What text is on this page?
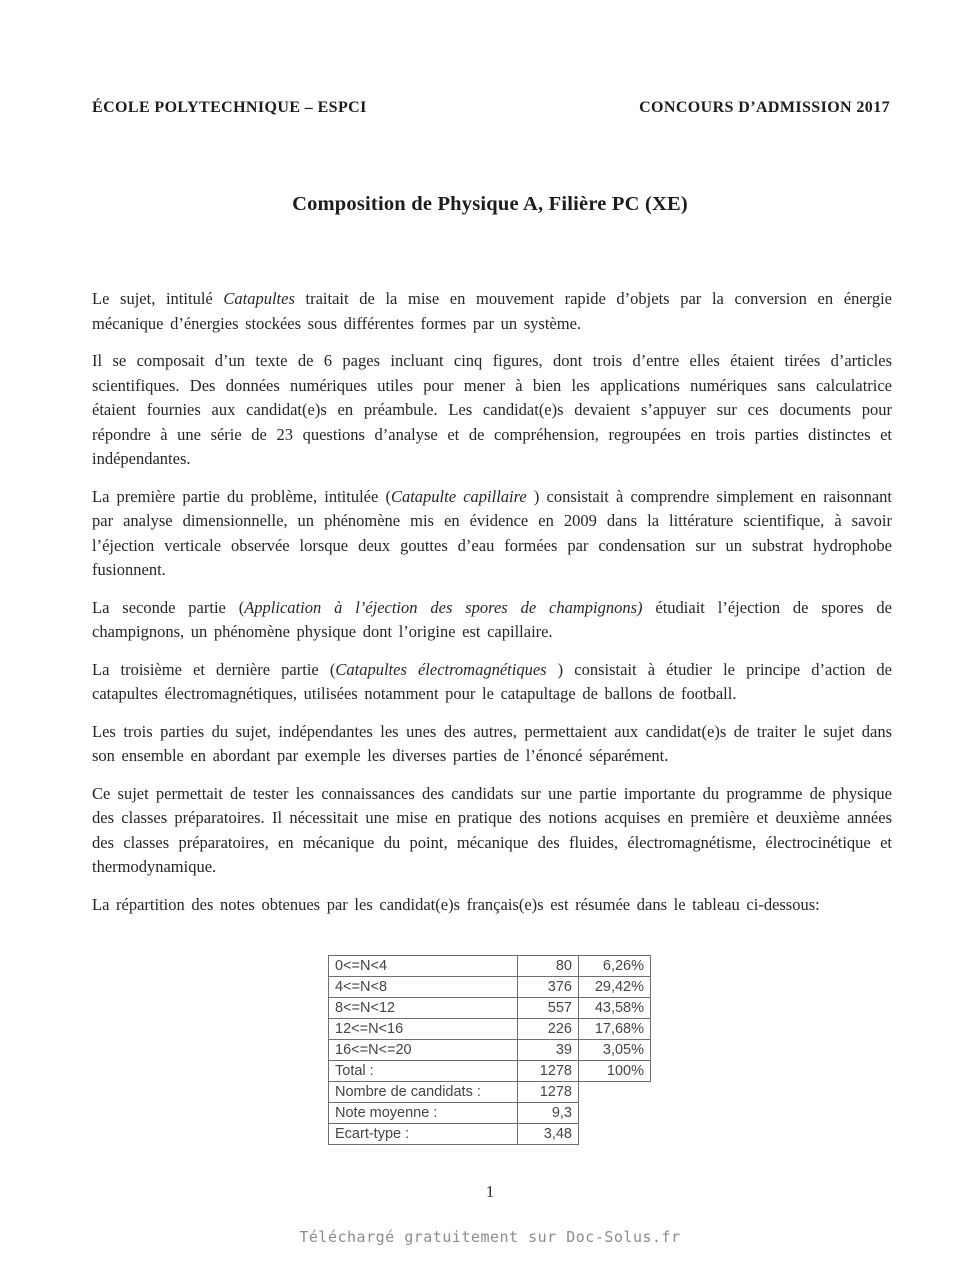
ÉCOLE POLYTECHNIQUE – ESPCI	CONCOURS D’ADMISSION 2017
Composition de Physique A, Filière PC (XE)

Le sujet, intitulé Catapultes traitait de la mise en mouvement rapide d’objets par la conversion en énergie mécanique d’énergies stockées sous différentes formes par un système.

Il se composait d’un texte de 6 pages incluant cinq figures, dont trois d’entre elles étaient tirées d’articles scientifiques. Des données numériques utiles pour mener à bien les applications numériques sans calculatrice étaient fournies aux candidat(e)s en préambule. Les candidat(e)s devaient s’appuyer sur ces documents pour répondre à une série de 23 questions d’analyse et de compréhension, regroupées en trois parties distinctes et indépendantes.

La première partie du problème, intitulée (Catapulte capillaire ) consistait à comprendre simplement en raisonnant par analyse dimensionnelle, un phénomène mis en évidence en 2009 dans la littérature scientifique, à savoir l’éjection verticale observée lorsque deux gouttes d’eau formées par condensation sur un substrat hydrophobe fusionnent.

La seconde partie (Application à l’éjection des spores de champignons) étudiait l’éjection de spores de champignons, un phénomène physique dont l’origine est capillaire.

La troisième et dernière partie (Catapultes électromagnétiques ) consistait à étudier le principe d’action de catapultes électromagnétiques, utilisées notamment pour le catapultage de ballons de football.

Les trois parties du sujet, indépendantes les unes des autres, permettaient aux candidat(e)s de traiter le sujet dans son ensemble en abordant par exemple les diverses parties de l’énoncé séparément.

Ce sujet permettait de tester les connaissances des candidats sur une partie importante du programme de physique des classes préparatoires. Il nécessitait une mise en pratique des notions acquises en première et deuxième années des classes préparatoires, en mécanique du point, mécanique des fluides, électromagnétisme, électrocinétique et thermodynamique.

La répartition des notes obtenues par les candidat(e)s français(e)s est résumée dans le tableau ci-dessous:

0<=N<4	80	6,26%
4<=N<8	376	29,42%
8<=N<12	557	43,58%
12<=N<16	226	17,68%
16<=N<=20	39	3,05%
Total :	1278	100%
Nombre de candidats :	1278	
Note moyenne :	9,3	
Ecart-type :	3,48	
1
Téléchargé gratuitement sur Doc-Solus.fr
